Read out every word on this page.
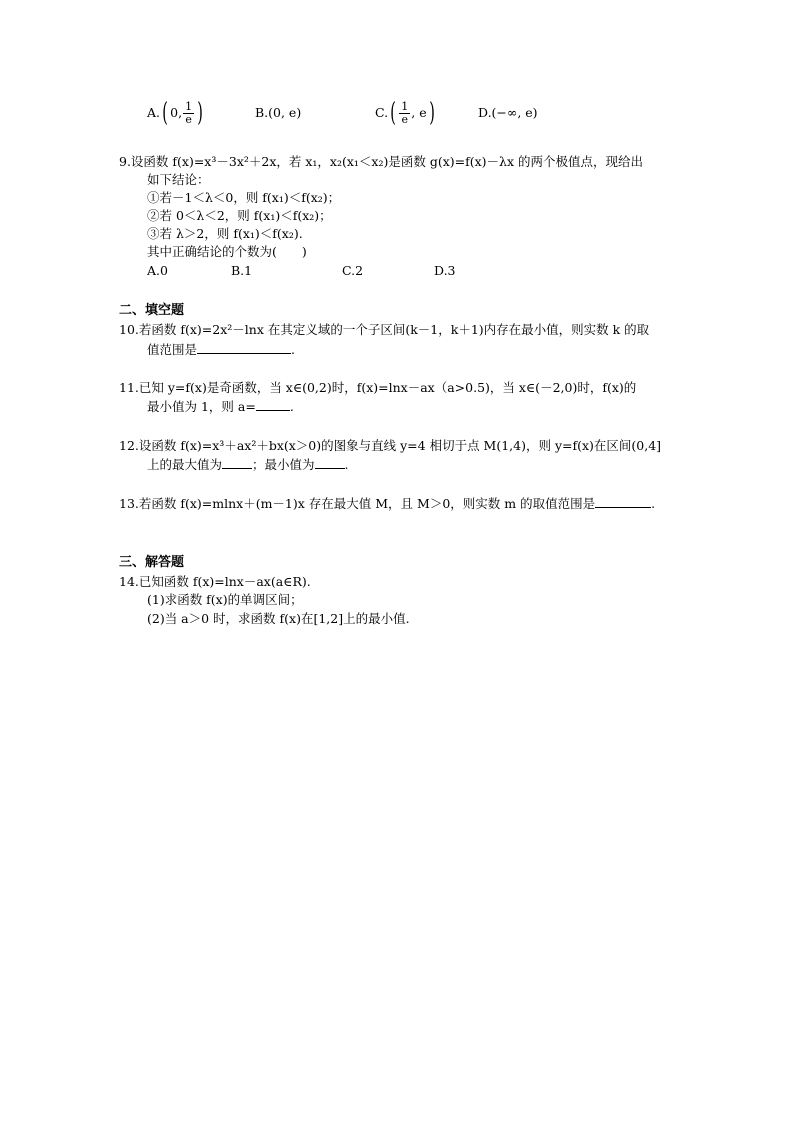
A. ( 0, $\frac{1}{e}$ )	B.(0, e)	C. ( $\frac{1}{e}$ , e )	D.(−∞, e)
9.设函数 f(x)=x³－3x²＋2x，若 x₁，x₂(x₁＜x₂)是函数 g(x)=f(x)－λx 的两个极值点，现给出
如下结论：
①若－1＜λ＜0，则 f(x₁)＜f(x₂)；
②若 0＜λ＜2，则 f(x₁)＜f(x₂)；
③若 λ＞2，则 f(x₁)＜f(x₂).
其中正确结论的个数为(　　)
A.0	B.1	C.2	D.3
二、填空题
10.若函数 f(x)=2x²－lnx 在其定义域的一个子区间(k－1，k＋1)内存在最小值，则实数 k 的取
值范围是	.
11.已知 y=f(x)是奇函数，当 x∈(0,2)时，f(x)=lnx－ax（a>0.5)，当 x∈(－2,0)时，f(x)的
最小值为 1，则 a=	.
12.设函数 f(x)=x³＋ax²＋bx(x＞0)的图象与直线 y=4 相切于点 M(1,4)，则 y=f(x)在区间(0,4]
上的最大值为 ；最小值为 .
13.若函数 f(x)=mlnx＋(m－1)x 存在最大值 M，且 M＞0，则实数 m 的取值范围是	.
三、解答题
14.已知函数 f(x)=lnx－ax(a∈R).
(1)求函数 f(x)的单调区间；
(2)当 a＞0 时，求函数 f(x)在[1,2]上的最小值.
